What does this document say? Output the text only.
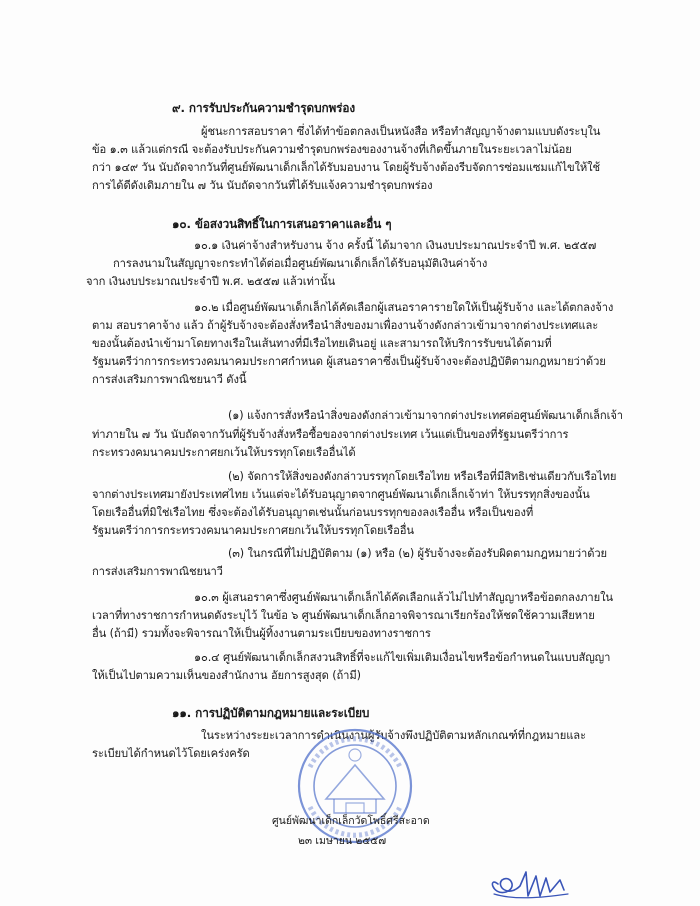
๙. การรับประกันความชำรุดบกพร่อง
ผู้ชนะการสอบราคา ซึ่งได้ทำข้อตกลงเป็นหนังสือ หรือทำสัญญาจ้างตามแบบดังระบุใน
ข้อ ๑.๓ แล้วแต่กรณี จะต้องรับประกันความชำรุดบกพร่องของงานจ้างที่เกิดขึ้นภายในระยะเวลาไม่น้อย
กว่า ๑๔๙ วัน นับถัดจากวันที่ศูนย์พัฒนาเด็กเล็กได้รับมอบงาน โดยผู้รับจ้างต้องรีบจัดการซ่อมแซมแก้ไขให้ใช้
การได้ดีดังเดิมภายใน ๗ วัน นับถัดจากวันที่ได้รับแจ้งความชำรุดบกพร่อง
๑๐. ข้อสงวนสิทธิ์ในการเสนอราคาและอื่น ๆ
๑๐.๑ เงินค่าจ้างสำหรับงาน จ้าง ครั้งนี้ ได้มาจาก เงินงบประมาณประจำปี พ.ศ. ๒๕๕๗
การลงนามในสัญญาจะกระทำได้ต่อเมื่อศูนย์พัฒนาเด็กเล็กได้รับอนุมัติเงินค่าจ้าง
จาก เงินงบประมาณประจำปี พ.ศ. ๒๕๕๗ แล้วเท่านั้น
๑๐.๒ เมื่อศูนย์พัฒนาเด็กเล็กได้คัดเลือกผู้เสนอราคารายใดให้เป็นผู้รับจ้าง และได้ตกลงจ้าง
ตาม สอบราคาจ้าง แล้ว ถ้าผู้รับจ้างจะต้องสั่งหรือนำสิ่งของมาเพื่องานจ้างดังกล่าวเข้ามาจากต่างประเทศและ
ของนั้นต้องนำเข้ามาโดยทางเรือในเส้นทางที่มีเรือไทยเดินอยู่ และสามารถให้บริการรับขนได้ตามที่
รัฐมนตรีว่าการกระทรวงคมนาคมประกาศกำหนด ผู้เสนอราคาซึ่งเป็นผู้รับจ้างจะต้องปฏิบัติตามกฎหมายว่าด้วย
การส่งเสริมการพาณิชยนาวี ดังนี้
(๑) แจ้งการสั่งหรือนำสิ่งของดังกล่าวเข้ามาจากต่างประเทศต่อศูนย์พัฒนาเด็กเล็กเจ้า
ท่าภายใน ๗ วัน นับถัดจากวันที่ผู้รับจ้างสั่งหรือซื้อของจากต่างประเทศ เว้นแต่เป็นของที่รัฐมนตรีว่าการ
กระทรวงคมนาคมประกาศยกเว้นให้บรรทุกโดยเรืออื่นได้
(๒) จัดการให้สิ่งของดังกล่าวบรรทุกโดยเรือไทย หรือเรือที่มีสิทธิเช่นเดียวกับเรือไทย
จากต่างประเทศมายังประเทศไทย เว้นแต่จะได้รับอนุญาตจากศูนย์พัฒนาเด็กเล็กเจ้าท่า ให้บรรทุกสิ่งของนั้น
โดยเรืออื่นที่มิใช่เรือไทย ซึ่งจะต้องได้รับอนุญาตเช่นนั้นก่อนบรรทุกของลงเรืออื่น หรือเป็นของที่
รัฐมนตรีว่าการกระทรวงคมนาคมประกาศยกเว้นให้บรรทุกโดยเรืออื่น
(๓) ในกรณีที่ไม่ปฏิบัติตาม (๑) หรือ (๒) ผู้รับจ้างจะต้องรับผิดตามกฎหมายว่าด้วย
การส่งเสริมการพาณิชยนาวี
๑๐.๓ ผู้เสนอราคาซึ่งศูนย์พัฒนาเด็กเล็กได้คัดเลือกแล้วไม่ไปทำสัญญาหรือข้อตกลงภายใน
เวลาที่ทางราชการกำหนดดังระบุไว้ ในข้อ ๖ ศูนย์พัฒนาเด็กเล็กอาจพิจารณาเรียกร้องให้ชดใช้ความเสียหาย
อื่น (ถ้ามี) รวมทั้งจะพิจารณาให้เป็นผู้ทิ้งงานตามระเบียบของทางราชการ
๑๐.๔ ศูนย์พัฒนาเด็กเล็กสงวนสิทธิ์ที่จะแก้ไขเพิ่มเติมเงื่อนไขหรือข้อกำหนดในแบบสัญญา
ให้เป็นไปตามความเห็นของสำนักงาน อัยการสูงสุด (ถ้ามี)
๑๑. การปฏิบัติตามกฎหมายและระเบียบ
ในระหว่างระยะเวลาการดำเนินงานผู้รับจ้างพึงปฏิบัติตามหลักเกณฑ์ที่กฎหมายและ
ระเบียบได้กำหนดไว้โดยเคร่งครัด
ศูนย์พัฒนาเด็กเล็กวัดโพธิ์ศรีสะอาด
๒๓ เมษายน ๒๕๕๗
